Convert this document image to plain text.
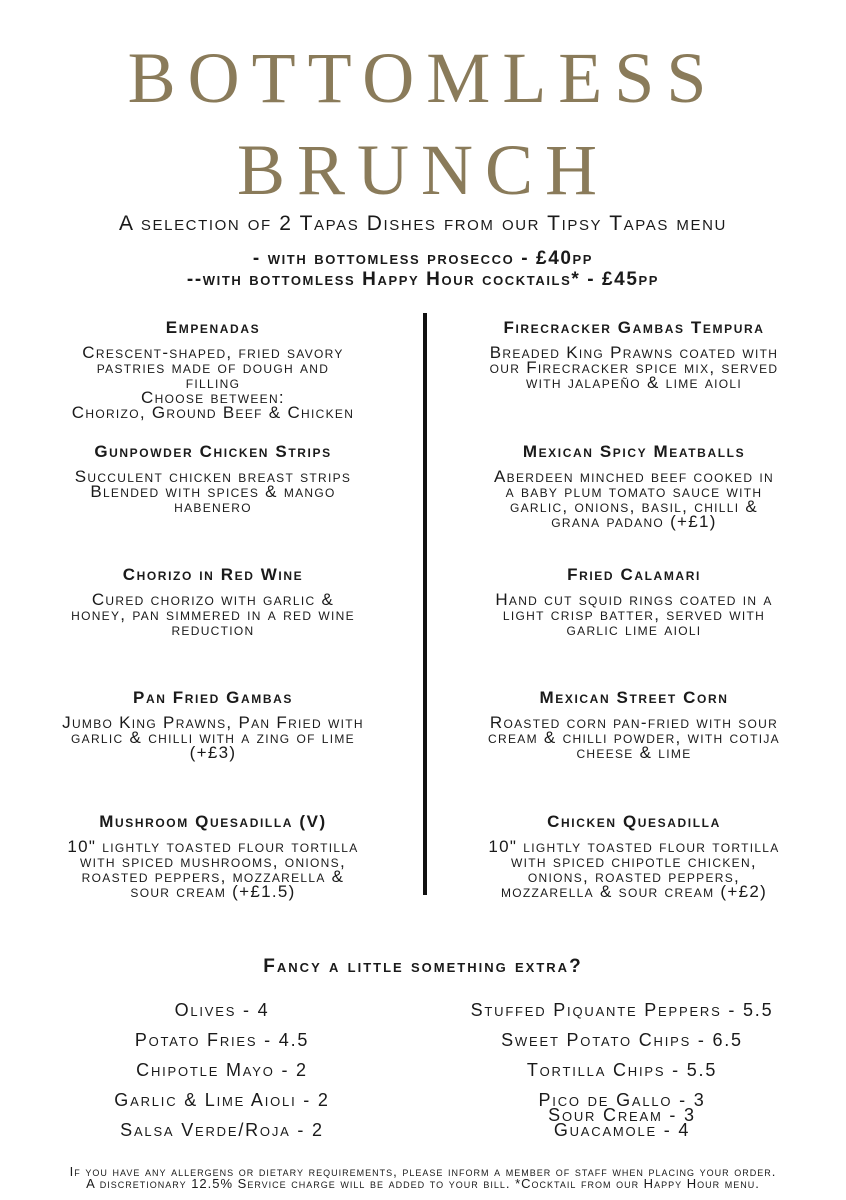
BOTTOMLESS
BRUNCH
A selection of 2 Tapas Dishes from our Tipsy Tapas menu
- with bottomless prosecco - £40pp
--with bottomless Happy Hour cocktails* - £45pp
Empenadas
Crescent-shaped, fried savory
pastries made of dough and
filling
Choose between:
Chorizo, Ground Beef & Chicken
Gunpowder Chicken Strips
Succulent chicken breast strips
Blended with spices & mango
habenero
Chorizo in Red Wine
Cured chorizo with garlic &
honey, pan simmered in a red wine
reduction
Pan Fried Gambas
Jumbo King Prawns, Pan Fried with
garlic & chilli with a zing of lime
(+£3)
Mushroom Quesadilla (V)
10" lightly toasted flour tortilla
with spiced mushrooms, onions,
roasted peppers, mozzarella &
sour cream (+£1.5)
Firecracker Gambas Tempura
Breaded King Prawns coated with
our Firecracker spice mix, served
with jalapeño & lime aioli
Mexican Spicy Meatballs
Aberdeen minched beef cooked in
a baby plum tomato sauce with
garlic, onions, basil, chilli &
grana padano (+£1)
Fried Calamari
Hand cut squid rings coated in a
light crisp batter, served with
garlic lime aioli
Mexican Street Corn
Roasted corn pan-fried with sour
cream & chilli powder, with cotija
cheese & lime
Chicken Quesadilla
10" lightly toasted flour tortilla
with spiced chipotle chicken,
onions, roasted peppers,
mozzarella & sour cream (+£2)
Fancy a little something extra?
Olives - 4
Potato Fries - 4.5
Chipotle Mayo - 2
Garlic & Lime Aioli - 2
Salsa Verde/Roja - 2
Stuffed Piquante Peppers - 5.5
Sweet Potato Chips - 6.5
Tortilla Chips - 5.5
Pico de Gallo - 3
Sour Cream - 3
Guacamole - 4
If you have any allergens or dietary requirements, please inform a member of staff when placing your order.
A discretionary 12.5% Service charge will be added to your bill. *Cocktail from our Happy Hour menu.
